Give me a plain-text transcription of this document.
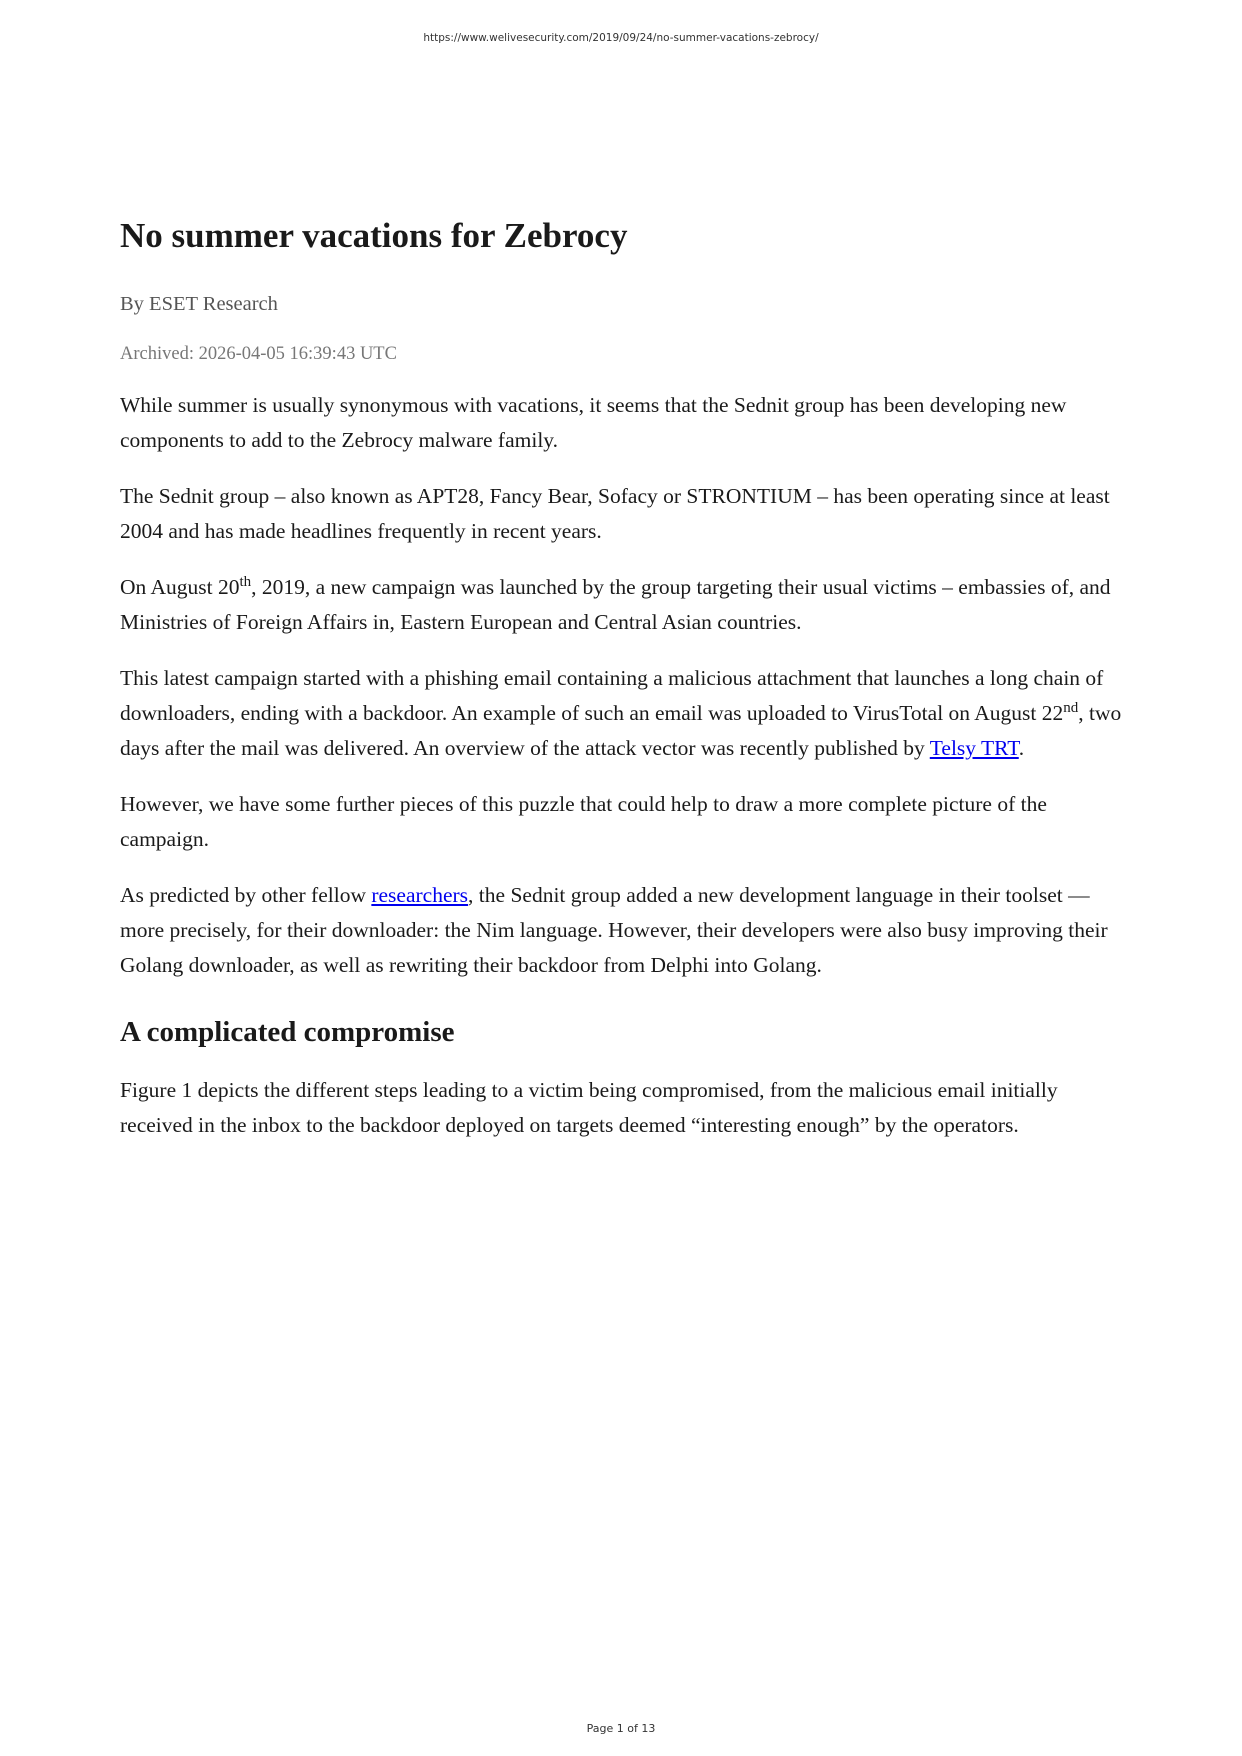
https://www.welivesecurity.com/2019/09/24/no-summer-vacations-zebrocy/
No summer vacations for Zebrocy
By ESET Research
Archived: 2026-04-05 16:39:43 UTC

While summer is usually synonymous with vacations, it seems that the Sednit group has been developing new components to add to the Zebrocy malware family.

The Sednit group – also known as APT28, Fancy Bear, Sofacy or STRONTIUM – has been operating since at least 2004 and has made headlines frequently in recent years.

On August 20th, 2019, a new campaign was launched by the group targeting their usual victims – embassies of, and Ministries of Foreign Affairs in, Eastern European and Central Asian countries.

This latest campaign started with a phishing email containing a malicious attachment that launches a long chain of downloaders, ending with a backdoor. An example of such an email was uploaded to VirusTotal on August 22nd, two days after the mail was delivered. An overview of the attack vector was recently published by Telsy TRT.

However, we have some further pieces of this puzzle that could help to draw a more complete picture of the campaign.

As predicted by other fellow researchers, the Sednit group added a new development language in their toolset — more precisely, for their downloader: the Nim language. However, their developers were also busy improving their Golang downloader, as well as rewriting their backdoor from Delphi into Golang.

A complicated compromise

Figure 1 depicts the different steps leading to a victim being compromised, from the malicious email initially received in the inbox to the backdoor deployed on targets deemed “interesting enough” by the operators.

Page 1 of 13
